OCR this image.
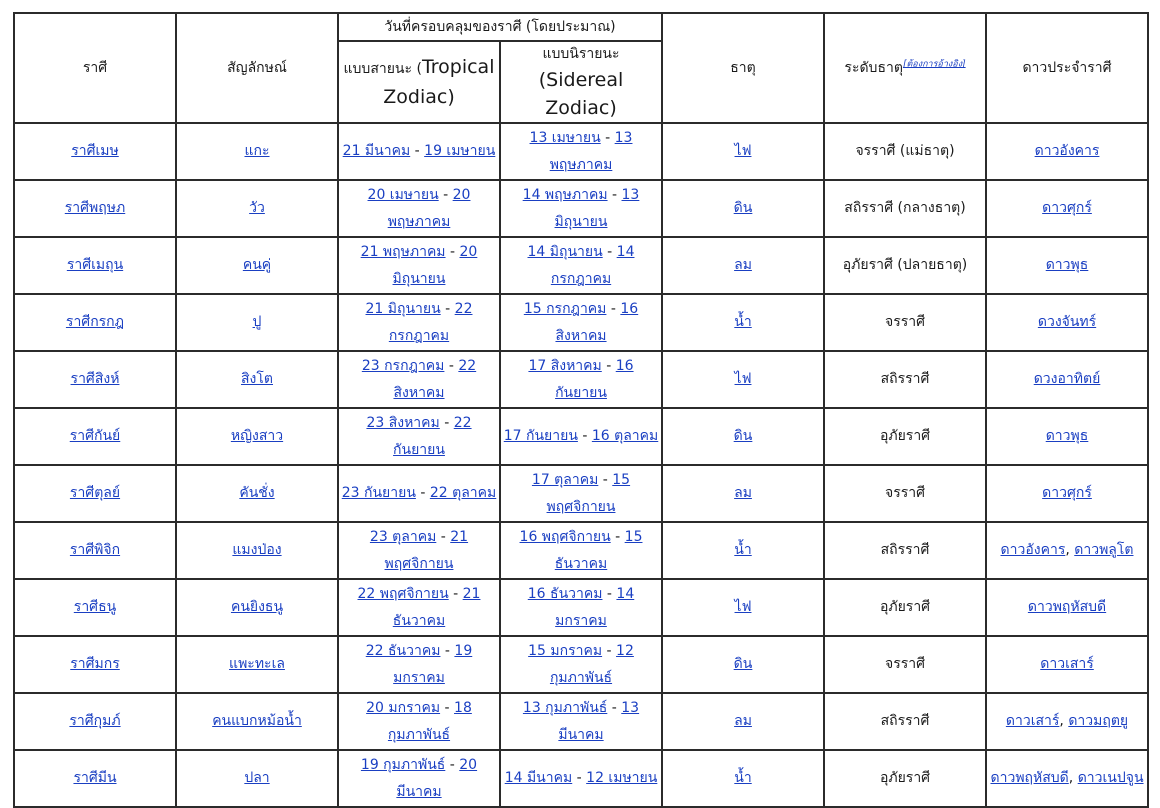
ราศี	สัญลักษณ์	วันที่ครอบคลุมของราศี (โดยประมาณ)		ธาตุ	ระดับธาตุ[ต้องการอ้างอิง]	ดาวประจำราศี
		แบบสายนะ (Tropical Zodiac)	แบบนิรายนะ
(Sidereal Zodiac)			
ราศีเมษ	แกะ	21 มีนาคม - 19 เมษายน	13 เมษายน - 13 พฤษภาคม	ไฟ	จรราศี (แม่ธาตุ)	ดาวอังคาร
ราศีพฤษภ	วัว	20 เมษายน - 20 พฤษภาคม	14 พฤษภาคม - 13 มิถุนายน	ดิน	สถิรราศี (กลางธาตุ)	ดาวศุกร์
ราศีเมถุน	คนคู่	21 พฤษภาคม - 20 มิถุนายน	14 มิถุนายน - 14 กรกฎาคม	ลม	อุภัยราศี (ปลายธาตุ)	ดาวพุธ
ราศีกรกฎ	ปู	21 มิถุนายน - 22 กรกฎาคม	15 กรกฎาคม - 16 สิงหาคม	น้ำ	จรราศี	ดวงจันทร์
ราศีสิงห์	สิงโต	23 กรกฎาคม - 22 สิงหาคม	17 สิงหาคม - 16 กันยายน	ไฟ	สถิรราศี	ดวงอาทิตย์
ราศีกันย์	หญิงสาว	23 สิงหาคม - 22 กันยายน	17 กันยายน - 16 ตุลาคม	ดิน	อุภัยราศี	ดาวพุธ
ราศีตุลย์	คันชั่ง	23 กันยายน - 22 ตุลาคม	17 ตุลาคม - 15 พฤศจิกายน	ลม	จรราศี	ดาวศุกร์
ราศีพิจิก	แมงป่อง	23 ตุลาคม - 21 พฤศจิกายน	16 พฤศจิกายน - 15 ธันวาคม	น้ำ	สถิรราศี	ดาวอังคาร, ดาวพลูโต
ราศีธนู	คนยิงธนู	22 พฤศจิกายน - 21 ธันวาคม	16 ธันวาคม - 14 มกราคม	ไฟ	อุภัยราศี	ดาวพฤหัสบดี
ราศีมกร	แพะทะเล	22 ธันวาคม - 19 มกราคม	15 มกราคม - 12 กุมภาพันธ์	ดิน	จรราศี	ดาวเสาร์
ราศีกุมภ์	คนแบกหม้อน้ำ	20 มกราคม - 18 กุมภาพันธ์	13 กุมภาพันธ์ - 13 มีนาคม	ลม	สถิรราศี	ดาวเสาร์, ดาวมฤตยู
ราศีมีน	ปลา	19 กุมภาพันธ์ - 20 มีนาคม	14 มีนาคม - 12 เมษายน	น้ำ	อุภัยราศี	ดาวพฤหัสบดี, ดาวเนปจูน
